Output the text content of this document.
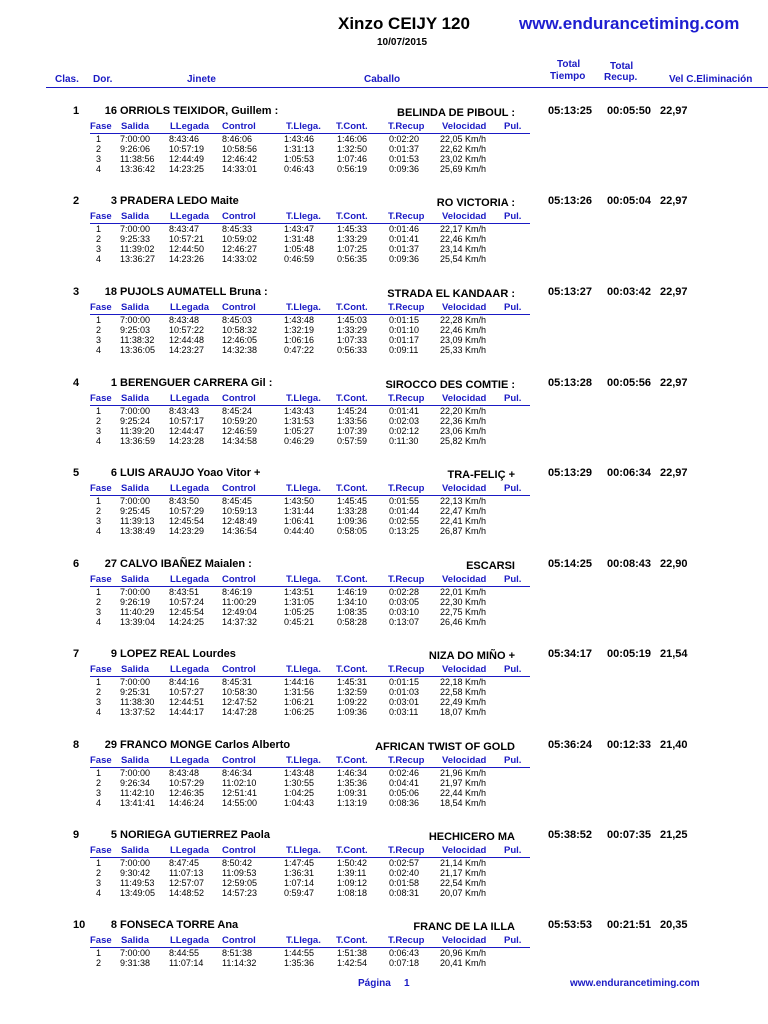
Xinzo CEIJY 120	www.endurancetiming.com
10/07/2015
Clas. Dor.	Jinete	Caballo
Total
Tiempo
Total
Recup.	Vel C.Eliminación
1 16 ORRIOLS TEIXIDOR, Guillem :	BELINDA DE PIBOUL :	05:13:25 00:05:50 22,97
Fase Salida LLegada Control	T.Llega. T.Cont. T.Recup Velocidad Pul.
1 7:00:00 8:43:46	8:46:06	1:43:46	1:46:06 0:02:20 22,05 Km/h
2 9:26:06 10:57:19 10:58:56	1:31:13	1:32:50 0:01:37 22,62 Km/h
3 11:38:56 12:44:49 12:46:42	1:05:53	1:07:46 0:01:53 23,02 Km/h
4 13:36:42 14:23:25 14:33:01	0:46:43	0:56:19 0:09:36 25,69 Km/h
2	3 PRADERA LEDO Maite	RO VICTORIA :	05:13:26 00:05:04 22,97
Fase Salida LLegada Control	T.Llega. T.Cont. T.Recup Velocidad Pul.
1 7:00:00 8:43:47	8:45:33	1:43:47	1:45:33 0:01:46 22,17 Km/h
2 9:25:33 10:57:21 10:59:02	1:31:48	1:33:29 0:01:41 22,46 Km/h
3 11:39:02 12:44:50 12:46:27	1:05:48	1:07:25 0:01:37 23,14 Km/h
4 13:36:27 14:23:26 14:33:02	0:46:59	0:56:35 0:09:36 25,54 Km/h
3 18 PUJOLS AUMATELL Bruna :	STRADA EL KANDAAR :	05:13:27 00:03:42 22,97
Fase Salida LLegada Control	T.Llega. T.Cont. T.Recup Velocidad Pul.
1 7:00:00 8:43:48	8:45:03	1:43:48	1:45:03 0:01:15 22,28 Km/h
2 9:25:03 10:57:22 10:58:32	1:32:19	1:33:29 0:01:10 22,46 Km/h
3 11:38:32 12:44:48 12:46:05	1:06:16	1:07:33 0:01:17 23,09 Km/h
4 13:36:05 14:23:27 14:32:38	0:47:22	0:56:33 0:09:11 25,33 Km/h
4	1 BERENGUER CARRERA Gil :	SIROCCO DES COMTIE :	05:13:28 00:05:56 22,97
Fase Salida LLegada Control	T.Llega. T.Cont. T.Recup Velocidad Pul.
1 7:00:00 8:43:43	8:45:24	1:43:43	1:45:24 0:01:41 22,20 Km/h
2 9:25:24 10:57:17 10:59:20	1:31:53	1:33:56 0:02:03 22,36 Km/h
3 11:39:20 12:44:47 12:46:59	1:05:27	1:07:39 0:02:12 23,06 Km/h
4 13:36:59 14:23:28 14:34:58	0:46:29	0:57:59 0:11:30 25,82 Km/h
5	6 LUIS ARAUJO Yoao Vitor +	TRA-FELIÇ +	05:13:29 00:06:34 22,97
Fase Salida LLegada Control	T.Llega. T.Cont. T.Recup Velocidad Pul.
1 7:00:00 8:43:50	8:45:45	1:43:50	1:45:45 0:01:55 22,13 Km/h
2 9:25:45 10:57:29 10:59:13	1:31:44	1:33:28 0:01:44 22,47 Km/h
3 11:39:13 12:45:54 12:48:49	1:06:41	1:09:36 0:02:55 22,41 Km/h
4 13:38:49 14:23:29 14:36:54	0:44:40	0:58:05 0:13:25 26,87 Km/h
6 27 CALVO IBAÑEZ Maialen :	ESCARSI	05:14:25 00:08:43 22,90
Fase Salida LLegada Control	T.Llega. T.Cont. T.Recup Velocidad Pul.
1 7:00:00 8:43:51	8:46:19	1:43:51	1:46:19 0:02:28 22,01 Km/h
2 9:26:19 10:57:24 11:00:29	1:31:05	1:34:10 0:03:05 22,30 Km/h
3 11:40:29 12:45:54 12:49:04	1:05:25	1:08:35 0:03:10 22,75 Km/h
4 13:39:04 14:24:25 14:37:32	0:45:21	0:58:28 0:13:07 26,46 Km/h
7	9 LOPEZ REAL Lourdes	NIZA DO MIÑO +	05:34:17 00:05:19 21,54
Fase Salida LLegada Control	T.Llega. T.Cont. T.Recup Velocidad Pul.
1 7:00:00 8:44:16	8:45:31	1:44:16	1:45:31 0:01:15 22,18 Km/h
2 9:25:31 10:57:27 10:58:30	1:31:56	1:32:59 0:01:03 22,58 Km/h
3 11:38:30 12:44:51 12:47:52	1:06:21	1:09:22 0:03:01 22,49 Km/h
4 13:37:52 14:44:17 14:47:28	1:06:25	1:09:36 0:03:11 18,07 Km/h
8 29 FRANCO MONGE Carlos Alberto	AFRICAN TWIST OF GOLD	05:36:24 00:12:33 21,40
Fase Salida LLegada Control	T.Llega. T.Cont. T.Recup Velocidad Pul.
1 7:00:00 8:43:48	8:46:34	1:43:48	1:46:34 0:02:46 21,96 Km/h
2 9:26:34 10:57:29 11:02:10	1:30:55	1:35:36 0:04:41 21,97 Km/h
3 11:42:10 12:46:35 12:51:41	1:04:25	1:09:31 0:05:06 22,44 Km/h
4 13:41:41 14:46:24 14:55:00	1:04:43	1:13:19 0:08:36 18,54 Km/h
9	5 NORIEGA GUTIERREZ Paola	HECHICERO MA	05:38:52 00:07:35 21,25
Fase Salida LLegada Control	T.Llega. T.Cont. T.Recup Velocidad Pul.
1 7:00:00 8:47:45	8:50:42	1:47:45	1:50:42 0:02:57 21,14 Km/h
2 9:30:42 11:07:13 11:09:53	1:36:31	1:39:11	0:02:40 21,17 Km/h
3 11:49:53 12:57:07 12:59:05	1:07:14	1:09:12 0:01:58 22,54 Km/h
4 13:49:05 14:48:52 14:57:23	0:59:47	1:08:18 0:08:31 20,07 Km/h
10	8 FONSECA TORRE Ana	FRANC DE LA ILLA	05:53:53 00:21:51 20,35
Fase Salida LLegada Control	T.Llega. T.Cont. T.Recup Velocidad Pul.
1 7:00:00 8:44:55	8:51:38	1:44:55	1:51:38 0:06:43 20,96 Km/h
2 9:31:38 11:07:14 11:14:32	1:35:36	1:42:54 0:07:18 20,41 Km/h
Página 1	www.endurancetiming.com
